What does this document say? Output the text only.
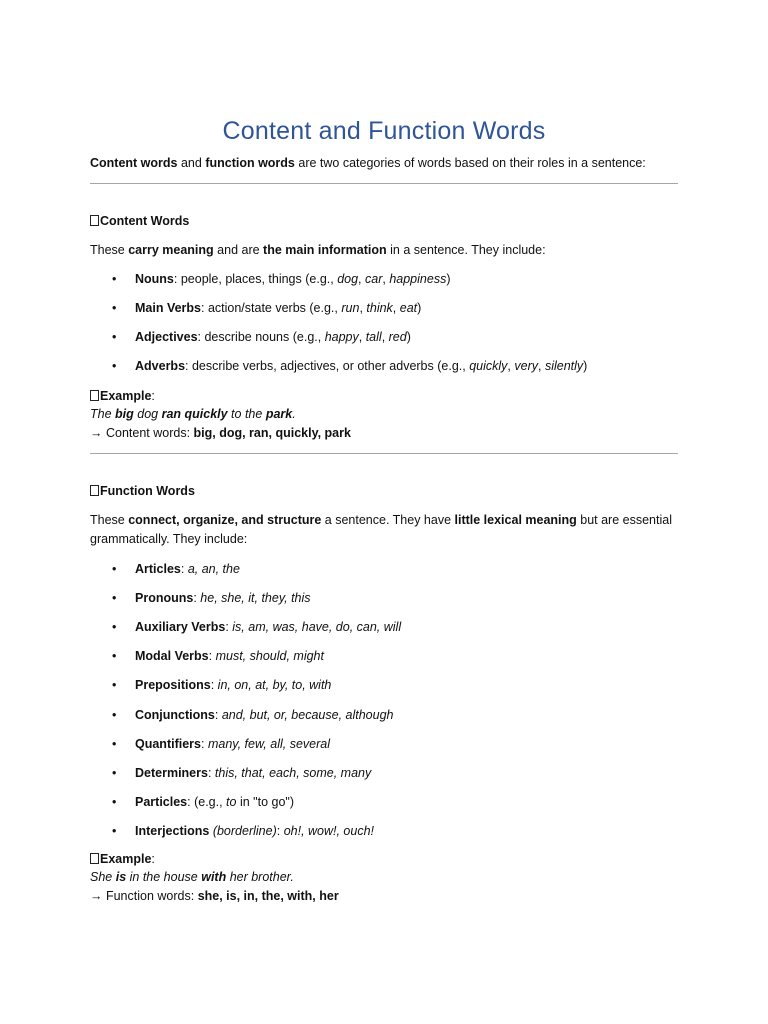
Content and Function Words
Content words and function words are two categories of words based on their roles in a sentence:
Content Words
These carry meaning and are the main information in a sentence. They include:
• Nouns: people, places, things (e.g., dog, car, happiness)
• Main Verbs: action/state verbs (e.g., run, think, eat)
• Adjectives: describe nouns (e.g., happy, tall, red)
• Adverbs: describe verbs, adjectives, or other adverbs (e.g., quickly, very, silently)
Example:
The big dog ran quickly to the park.
→ Content words: big, dog, ran, quickly, park
Function Words
These connect, organize, and structure a sentence. They have little lexical meaning but are essential
grammatically. They include:
• Articles: a, an, the
• Pronouns: he, she, it, they, this
• Auxiliary Verbs: is, am, was, have, do, can, will
• Modal Verbs: must, should, might
• Prepositions: in, on, at, by, to, with
• Conjunctions: and, but, or, because, although
• Quantifiers: many, few, all, several
• Determiners: this, that, each, some, many
• Particles: (e.g., to in "to go")
• Interjections (borderline): oh!, wow!, ouch!
Example:
She is in the house with her brother.
→ Function words: she, is, in, the, with, her
